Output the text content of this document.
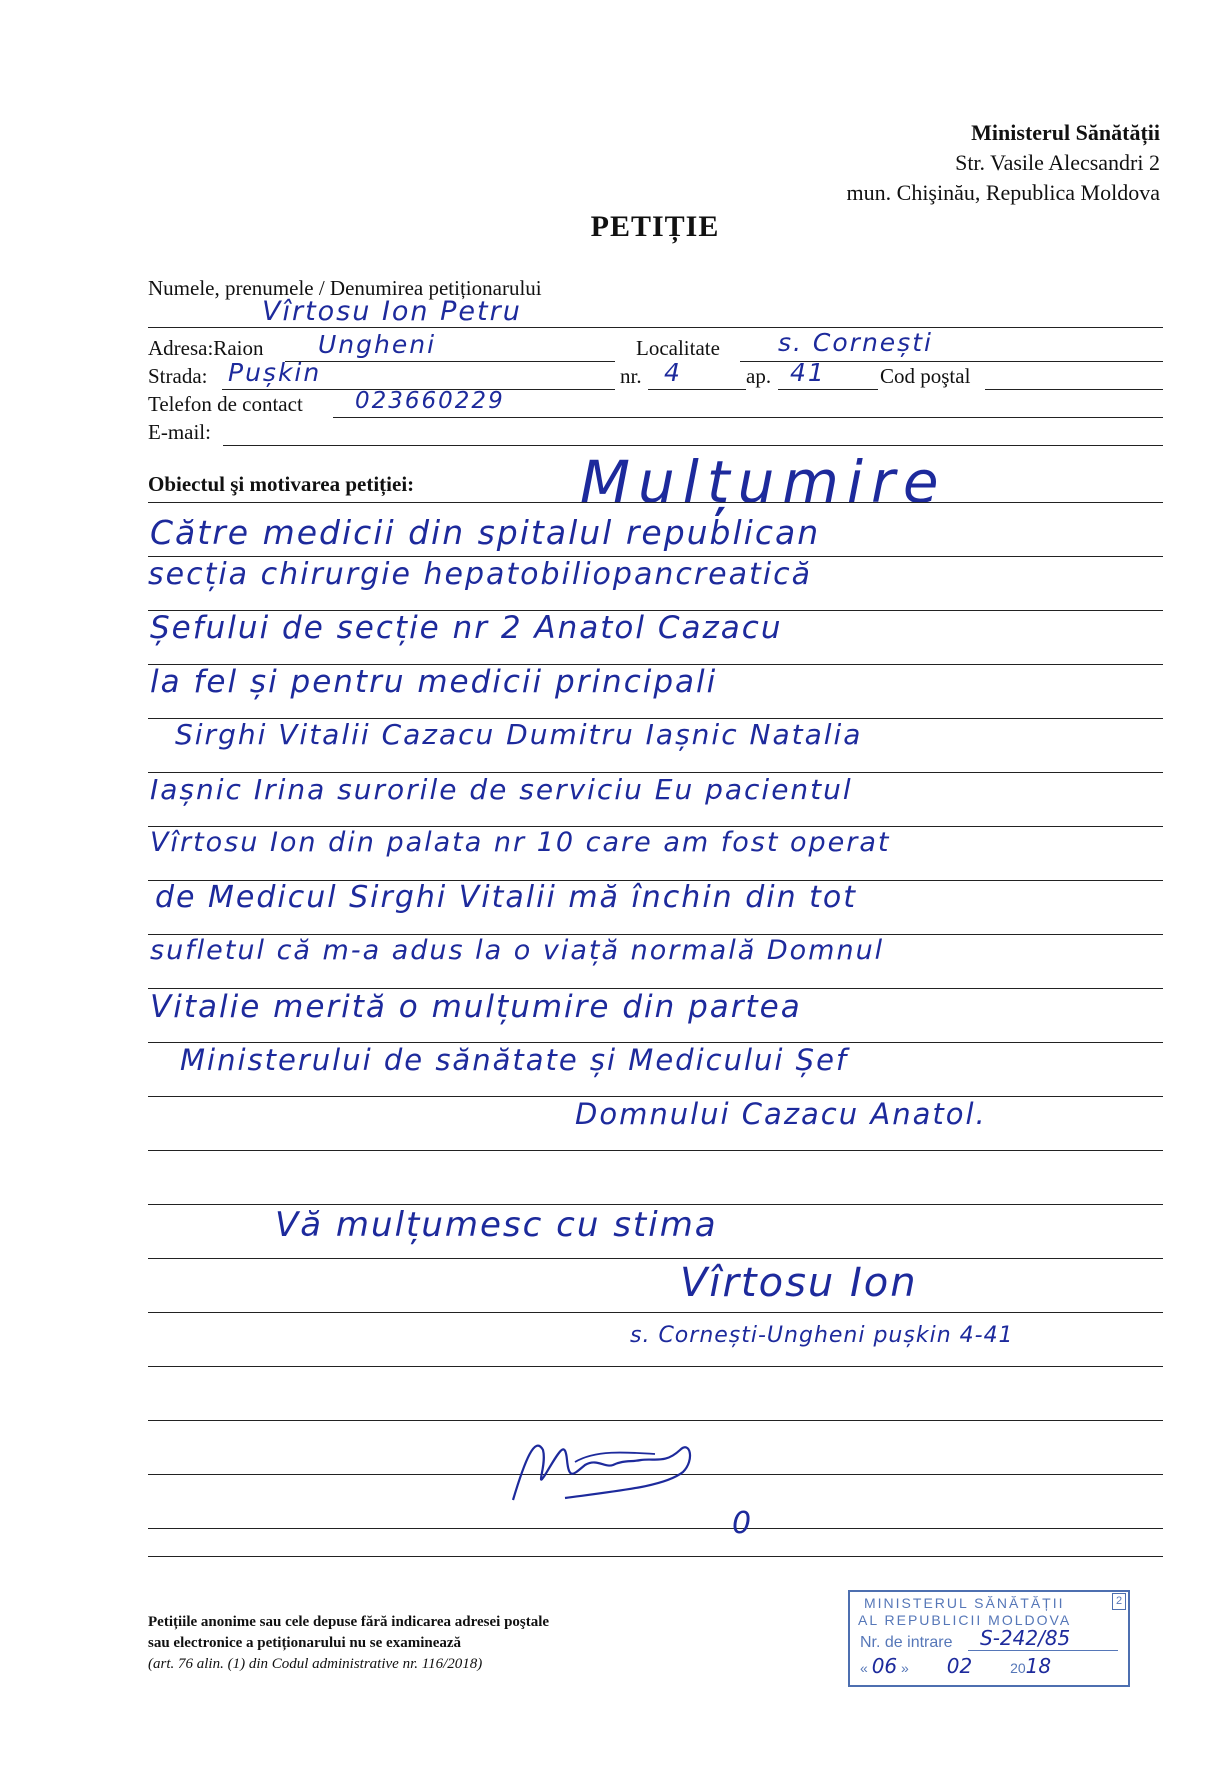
Ministerul Sănătății
Str. Vasile Alecsandri 2
mun. Chişinău, Republica Moldova
PETIȚIE
Numele, prenumele / Denumirea petiționarului
Vîrtosu Ion Petru
Adresa:Raion Ungheni	Localitate s. Cornești
Strada: Pușkin	nr. 4	ap. 41	Cod poştal
Telefon de contact 023660229
E-mail:
Obiectul şi motivarea petiției:	Mulțumire
Către medicii din spitalul republican
secția chirurgie hepatobiliopancreatică
Șefului de secție nr 2 Anatol Cazacu
la fel și pentru medicii principali
Sirghi Vitalii Cazacu Dumitru Iașnic Natalia
Iașnic Irina surorile de serviciu Eu pacientul
Vîrtosu Ion din palata nr 10 care am fost operat
de Medicul Sirghi Vitalii mă închin din tot
sufletul că m-a adus la o viață normală Domnul
Vitalie merită o mulțumire din partea
Ministerului de sănătate și Medicului Șef
Domnului Cazacu Anatol.
Vă mulțumesc cu stima
Vîrtosu Ion
s. Cornești-Ungheni pușkin 4-41
0
Petițiile anonime sau cele depuse fără indicarea adresei poştale
sau electronice a petiționarului nu se examinează
(art. 76 alin. (1) din Codul administrative nr. 116/2018)
2
MINISTERUL SĂNĂTĂȚII
AL REPUBLICII MOLDOVA
Nr. de intrare S-242/85
« 06 » 02	2018
